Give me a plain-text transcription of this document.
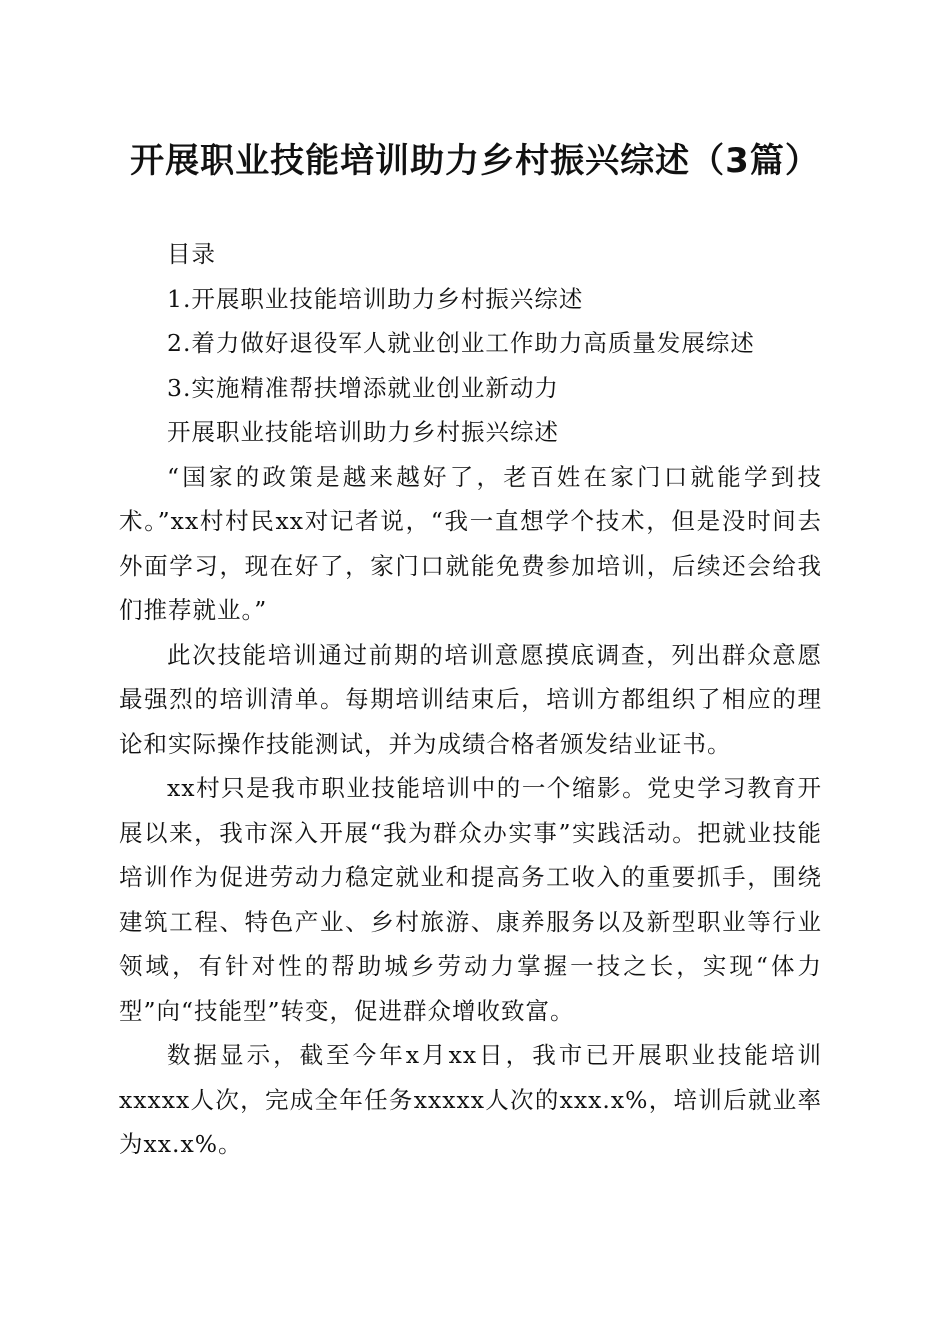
开展职业技能培训助力乡村振兴综述（3篇）
目录
1.开展职业技能培训助力乡村振兴综述
2.着力做好退役军人就业创业工作助力高质量发展综述
3.实施精准帮扶增添就业创业新动力
开展职业技能培训助力乡村振兴综述
“国家的政策是越来越好了，老百姓在家门口就能学到技术。”xx村村民xx对记者说，“我一直想学个技术，但是没时间去外面学习，现在好了，家门口就能免费参加培训，后续还会给我们推荐就业。”
此次技能培训通过前期的培训意愿摸底调查，列出群众意愿最强烈的培训清单。每期培训结束后，培训方都组织了相应的理论和实际操作技能测试，并为成绩合格者颁发结业证书。
xx村只是我市职业技能培训中的一个缩影。党史学习教育开展以来，我市深入开展“我为群众办实事”实践活动。把就业技能培训作为促进劳动力稳定就业和提高务工收入的重要抓手，围绕建筑工程、特色产业、乡村旅游、康养服务以及新型职业等行业领域，有针对性的帮助城乡劳动力掌握一技之长，实现“体力型”向“技能型”转变，促进群众增收致富。
数据显示，截至今年x月xx日，我市已开展职业技能培训xxxxx人次，完成全年任务xxxxx人次的xxx.x%，培训后就业率为xx.x%。
